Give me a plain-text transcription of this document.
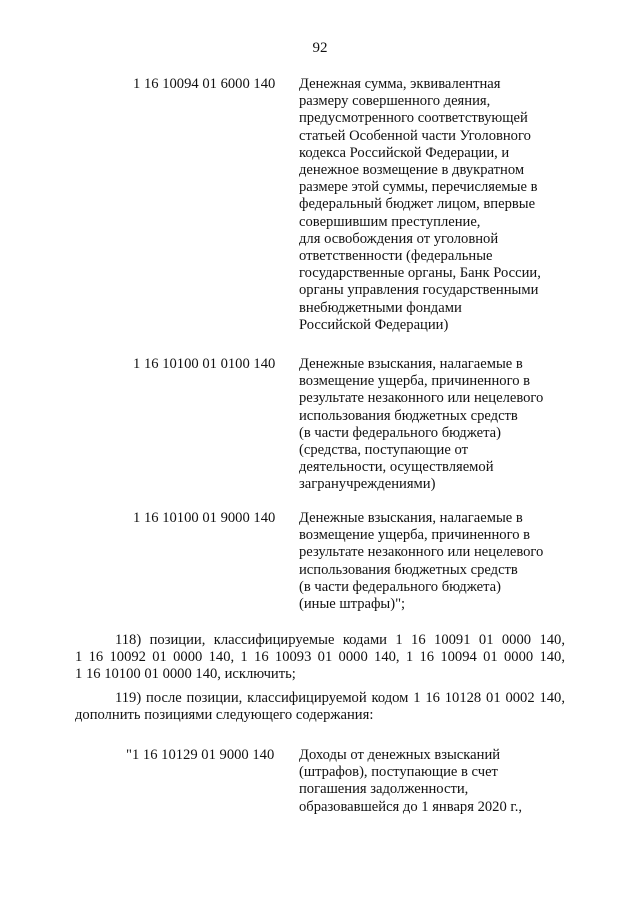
92
1 16 10094 01 6000 140 Денежная сумма, эквивалентная
размеру совершенного деяния,
предусмотренного соответствующей
статьей Особенной части Уголовного
кодекса Российской Федерации, и
денежное возмещение в двукратном
размере этой суммы, перечисляемые в
федеральный бюджет лицом, впервые
совершившим преступление,
для освобождения от уголовной
ответственности (федеральные
государственные органы, Банк России,
органы управления государственными
внебюджетными фондами
Российской Федерации)
1 16 10100 01 0100 140 Денежные взыскания, налагаемые в
возмещение ущерба, причиненного в
результате незаконного или нецелевого
использования бюджетных средств
(в части федерального бюджета)
(средства, поступающие от
деятельности, осуществляемой
загранучреждениями)
1 16 10100 01 9000 140 Денежные взыскания, налагаемые в
возмещение ущерба, причиненного в
результате незаконного или нецелевого
использования бюджетных средств
(в части федерального бюджета)
(иные штрафы)";
118) позиции, классифицируемые кодами 1 16 10091 01 0000 140,
1 16 10092 01 0000 140, 1 16 10093 01 0000 140, 1 16 10094 01 0000 140,
1 16 10100 01 0000 140, исключить;
119) после позиции, классифицируемой кодом 1 16 10128 01 0002 140,
дополнить позициями следующего содержания:
"1 16 10129 01 9000 140 Доходы от денежных взысканий
(штрафов), поступающие в счет
погашения задолженности,
образовавшейся до 1 января 2020 г.,
